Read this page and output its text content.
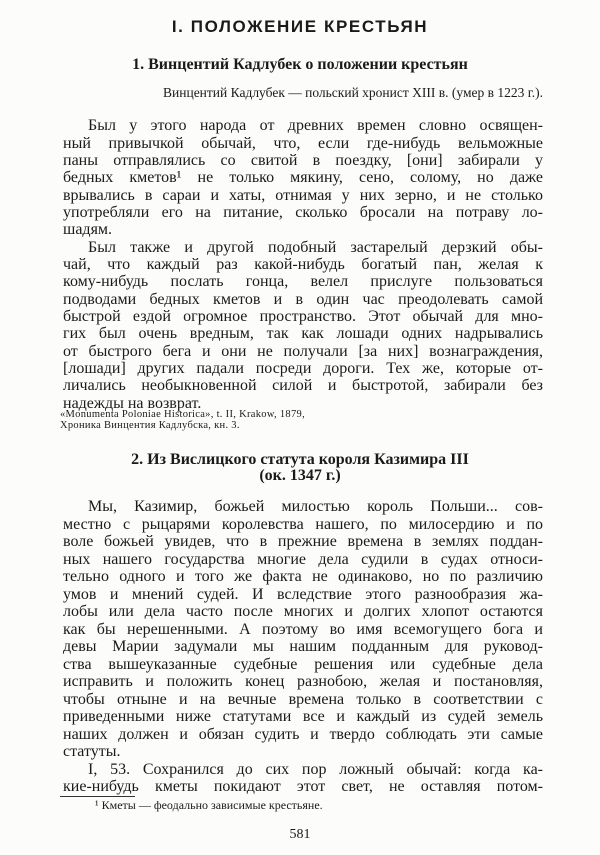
I. ПОЛОЖЕНИЕ КРЕСТЬЯН
1. Винцентий Кадлубек о положении крестьян
Винцентий Кадлубек — польский хронист XIII в. (умер в 1223 г.).
Был у этого народа от древних времен словно освящен-
ный привычкой обычай, что, если где-нибудь вельможные
паны отправлялись со свитой в поездку, [они] забирали у
бедных кметов¹ не только мякину, сено, солому, но даже
врывались в сараи и хаты, отнимая у них зерно, и не столько
употребляли его на питание, сколько бросали на потраву ло-
шадям.
Был также и другой подобный застарелый дерзкий обы-
чай, что каждый раз какой-нибудь богатый пан, желая к
кому-нибудь послать гонца, велел прислуге пользоваться
подводами бедных кметов и в один час преодолевать самой
быстрой ездой огромное пространство. Этот обычай для мно-
гих был очень вредным, так как лошади одних надрывались
от быстрого бега и они не получали [за них] вознаграждения,
[лошади] других падали посреди дороги. Тех же, которые от-
личались необыкновенной силой и быстротой, забирали без
надежды на возврат.
«Monumenta Poloniae Historica», t. II, Krakow, 1879,
Хроника Винцентия Кадлубска, кн. 3.
2. Из Вислицкого статута короля Казимира III
(ок. 1347 г.)
Мы, Казимир, божьей милостью король Польши... сов-
местно с рыцарями королевства нашего, по милосердию и по
воле божьей увидев, что в прежние времена в землях поддан-
ных нашего государства многие дела судили в судах относи-
тельно одного и того же факта не одинаково, но по различию
умов и мнений судей. И вследствие этого разнообразия жа-
лобы или дела часто после многих и долгих хлопот остаются
как бы нерешенными. А поэтому во имя всемогущего бога и
девы Марии задумали мы нашим подданным для руковод-
ства вышеуказанные судебные решения или судебные дела
исправить и положить конец разнобою, желая и постановляя,
чтобы отныне и на вечные времена только в соответствии с
приведенными ниже статутами все и каждый из судей земель
наших должен и обязан судить и твердо соблюдать эти самые
статуты.
I, 53. Сохранился до сих пор ложный обычай: когда ка-
кие-нибудь кметы покидают этот свет, не оставляя потом-
¹ Кметы — феодально зависимые крестьяне.
581
